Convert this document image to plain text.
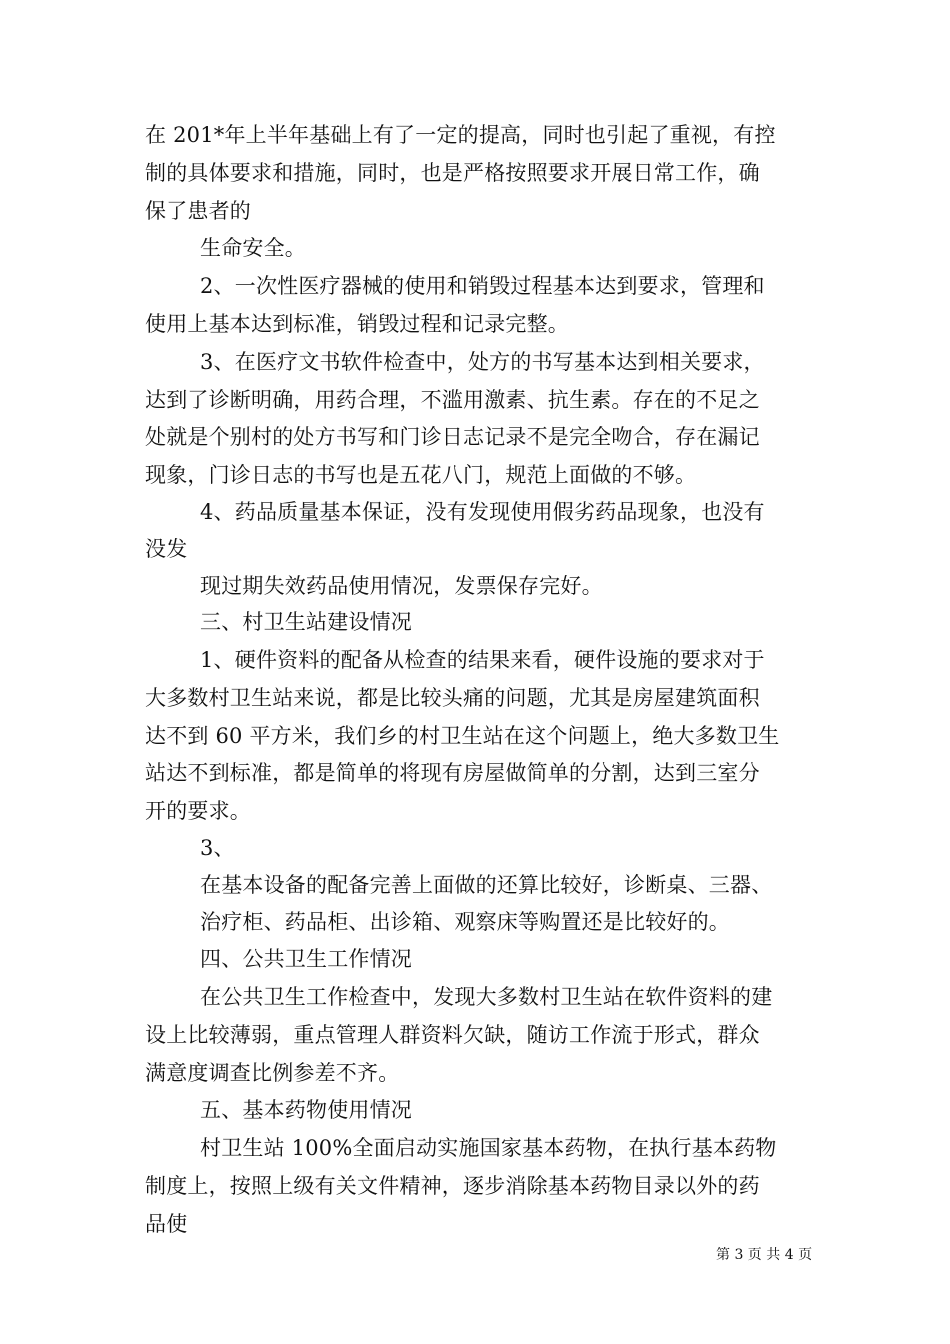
在 201*年上半年基础上有了一定的提高，同时也引起了重视，有控
制的具体要求和措施，同时，也是严格按照要求开展日常工作，确
保了患者的
生命安全。
2、一次性医疗器械的使用和销毁过程基本达到要求，管理和
使用上基本达到标准，销毁过程和记录完整。
3、在医疗文书软件检查中，处方的书写基本达到相关要求，
达到了诊断明确，用药合理，不滥用激素、抗生素。存在的不足之
处就是个别村的处方书写和门诊日志记录不是完全吻合，存在漏记
现象，门诊日志的书写也是五花八门，规范上面做的不够。
4、药品质量基本保证，没有发现使用假劣药品现象，也没有
没发
现过期失效药品使用情况，发票保存完好。
三、村卫生站建设情况
1、硬件资料的配备从检查的结果来看，硬件设施的要求对于
大多数村卫生站来说，都是比较头痛的问题，尤其是房屋建筑面积
达不到 60 平方米，我们乡的村卫生站在这个问题上，绝大多数卫生
站达不到标准，都是简单的将现有房屋做简单的分割，达到三室分
开的要求。
3、
在基本设备的配备完善上面做的还算比较好，诊断桌、三器、
治疗柜、药品柜、出诊箱、观察床等购置还是比较好的。
四、公共卫生工作情况
在公共卫生工作检查中，发现大多数村卫生站在软件资料的建
设上比较薄弱，重点管理人群资料欠缺，随访工作流于形式，群众
满意度调查比例参差不齐。
五、基本药物使用情况
村卫生站 100%全面启动实施国家基本药物，在执行基本药物
制度上，按照上级有关文件精神，逐步消除基本药物目录以外的药
品使
第 3 页 共 4 页
